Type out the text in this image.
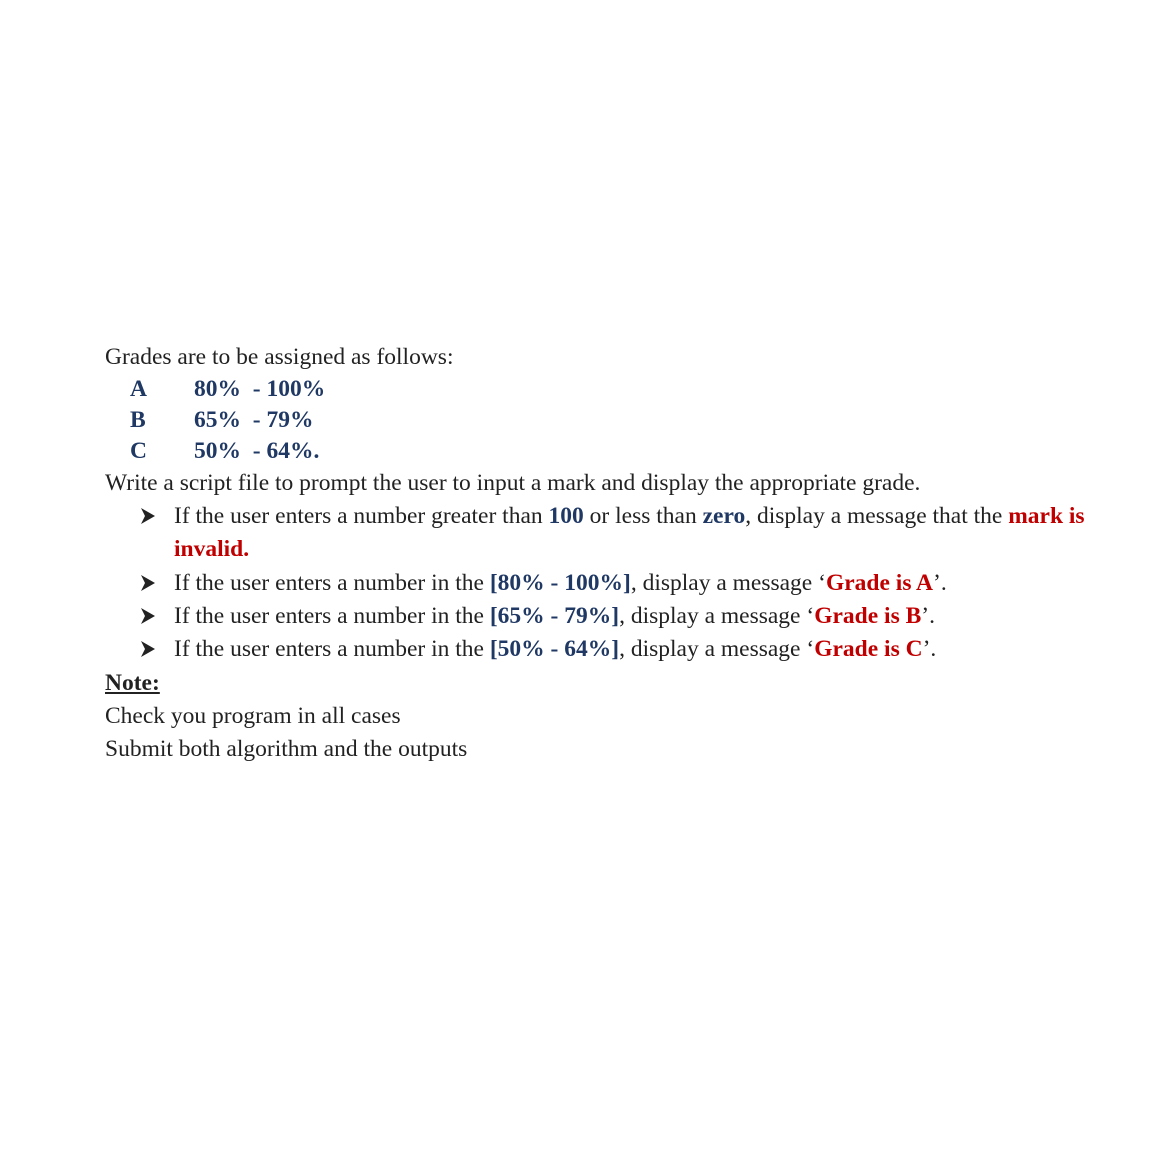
Grades are to be assigned as follows:
A 80%  - 100%
B	65%  - 79%
C 50%  - 64%.
Write a script file to prompt the user to input a mark and display the appropriate grade.
If the user enters a number greater than 100 or less than zero, display a message that the mark is invalid.
If the user enters a number in the [80% - 100%], display a message ‘Grade is A’.
If the user enters a number in the [65% - 79%], display a message ‘Grade is B’.
If the user enters a number in the [50% - 64%], display a message ‘Grade is C’.
Note:
Check you program in all cases
Submit both algorithm and the outputs
